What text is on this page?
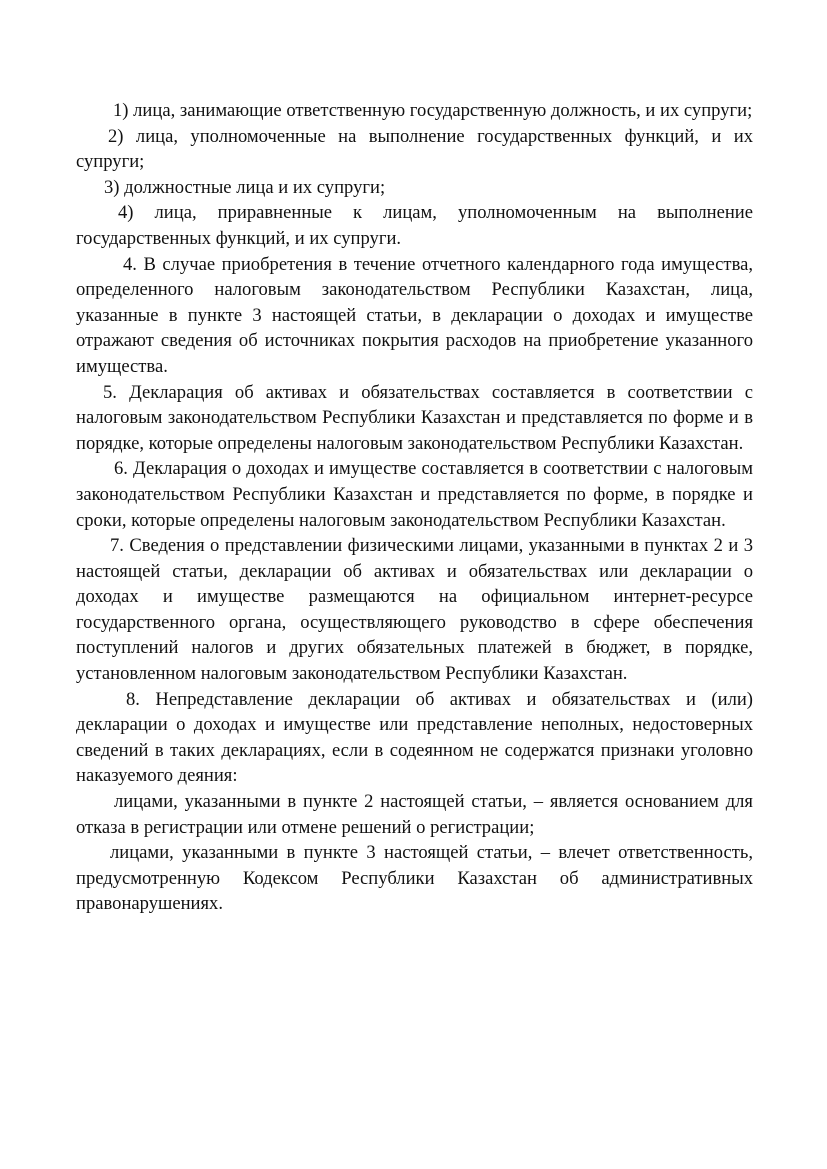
1) лица, занимающие ответственную государственную должность, и их супруги;

2) лица, уполномоченные на выполнение государственных функций, и их супруги;

3) должностные лица и их супруги;

4) лица, приравненные к лицам, уполномоченным на выполнение государственных функций, и их супруги.

4. В случае приобретения в течение отчетного календарного года имущества, определенного налоговым законодательством Республики Казахстан, лица, указанные в пункте 3 настоящей статьи, в декларации о доходах и имуществе отражают сведения об источниках покрытия расходов на приобретение указанного имущества.

5. Декларация об активах и обязательствах составляется в соответствии с налоговым законодательством Республики Казахстан и представляется по форме и в порядке, которые определены налоговым законодательством Республики Казахстан.

6. Декларация о доходах и имуществе составляется в соответствии с налоговым законодательством Республики Казахстан и представляется по форме, в порядке и сроки, которые определены налоговым законодательством Республики Казахстан.

7. Сведения о представлении физическими лицами, указанными в пунктах 2 и 3 настоящей статьи, декларации об активах и обязательствах или декларации о доходах и имуществе размещаются на официальном интернет-ресурсе государственного органа, осуществляющего руководство в сфере обеспечения поступлений налогов и других обязательных платежей в бюджет, в порядке, установленном налоговым законодательством Республики Казахстан.

8. Непредставление декларации об активах и обязательствах и (или) декларации о доходах и имуществе или представление неполных, недостоверных сведений в таких декларациях, если в содеянном не содержатся признаки уголовно наказуемого деяния:

лицами, указанными в пункте 2 настоящей статьи, – является основанием для отказа в регистрации или отмене решений о регистрации;

лицами, указанными в пункте 3 настоящей статьи, – влечет ответственность, предусмотренную Кодексом Республики Казахстан об административных правонарушениях.
